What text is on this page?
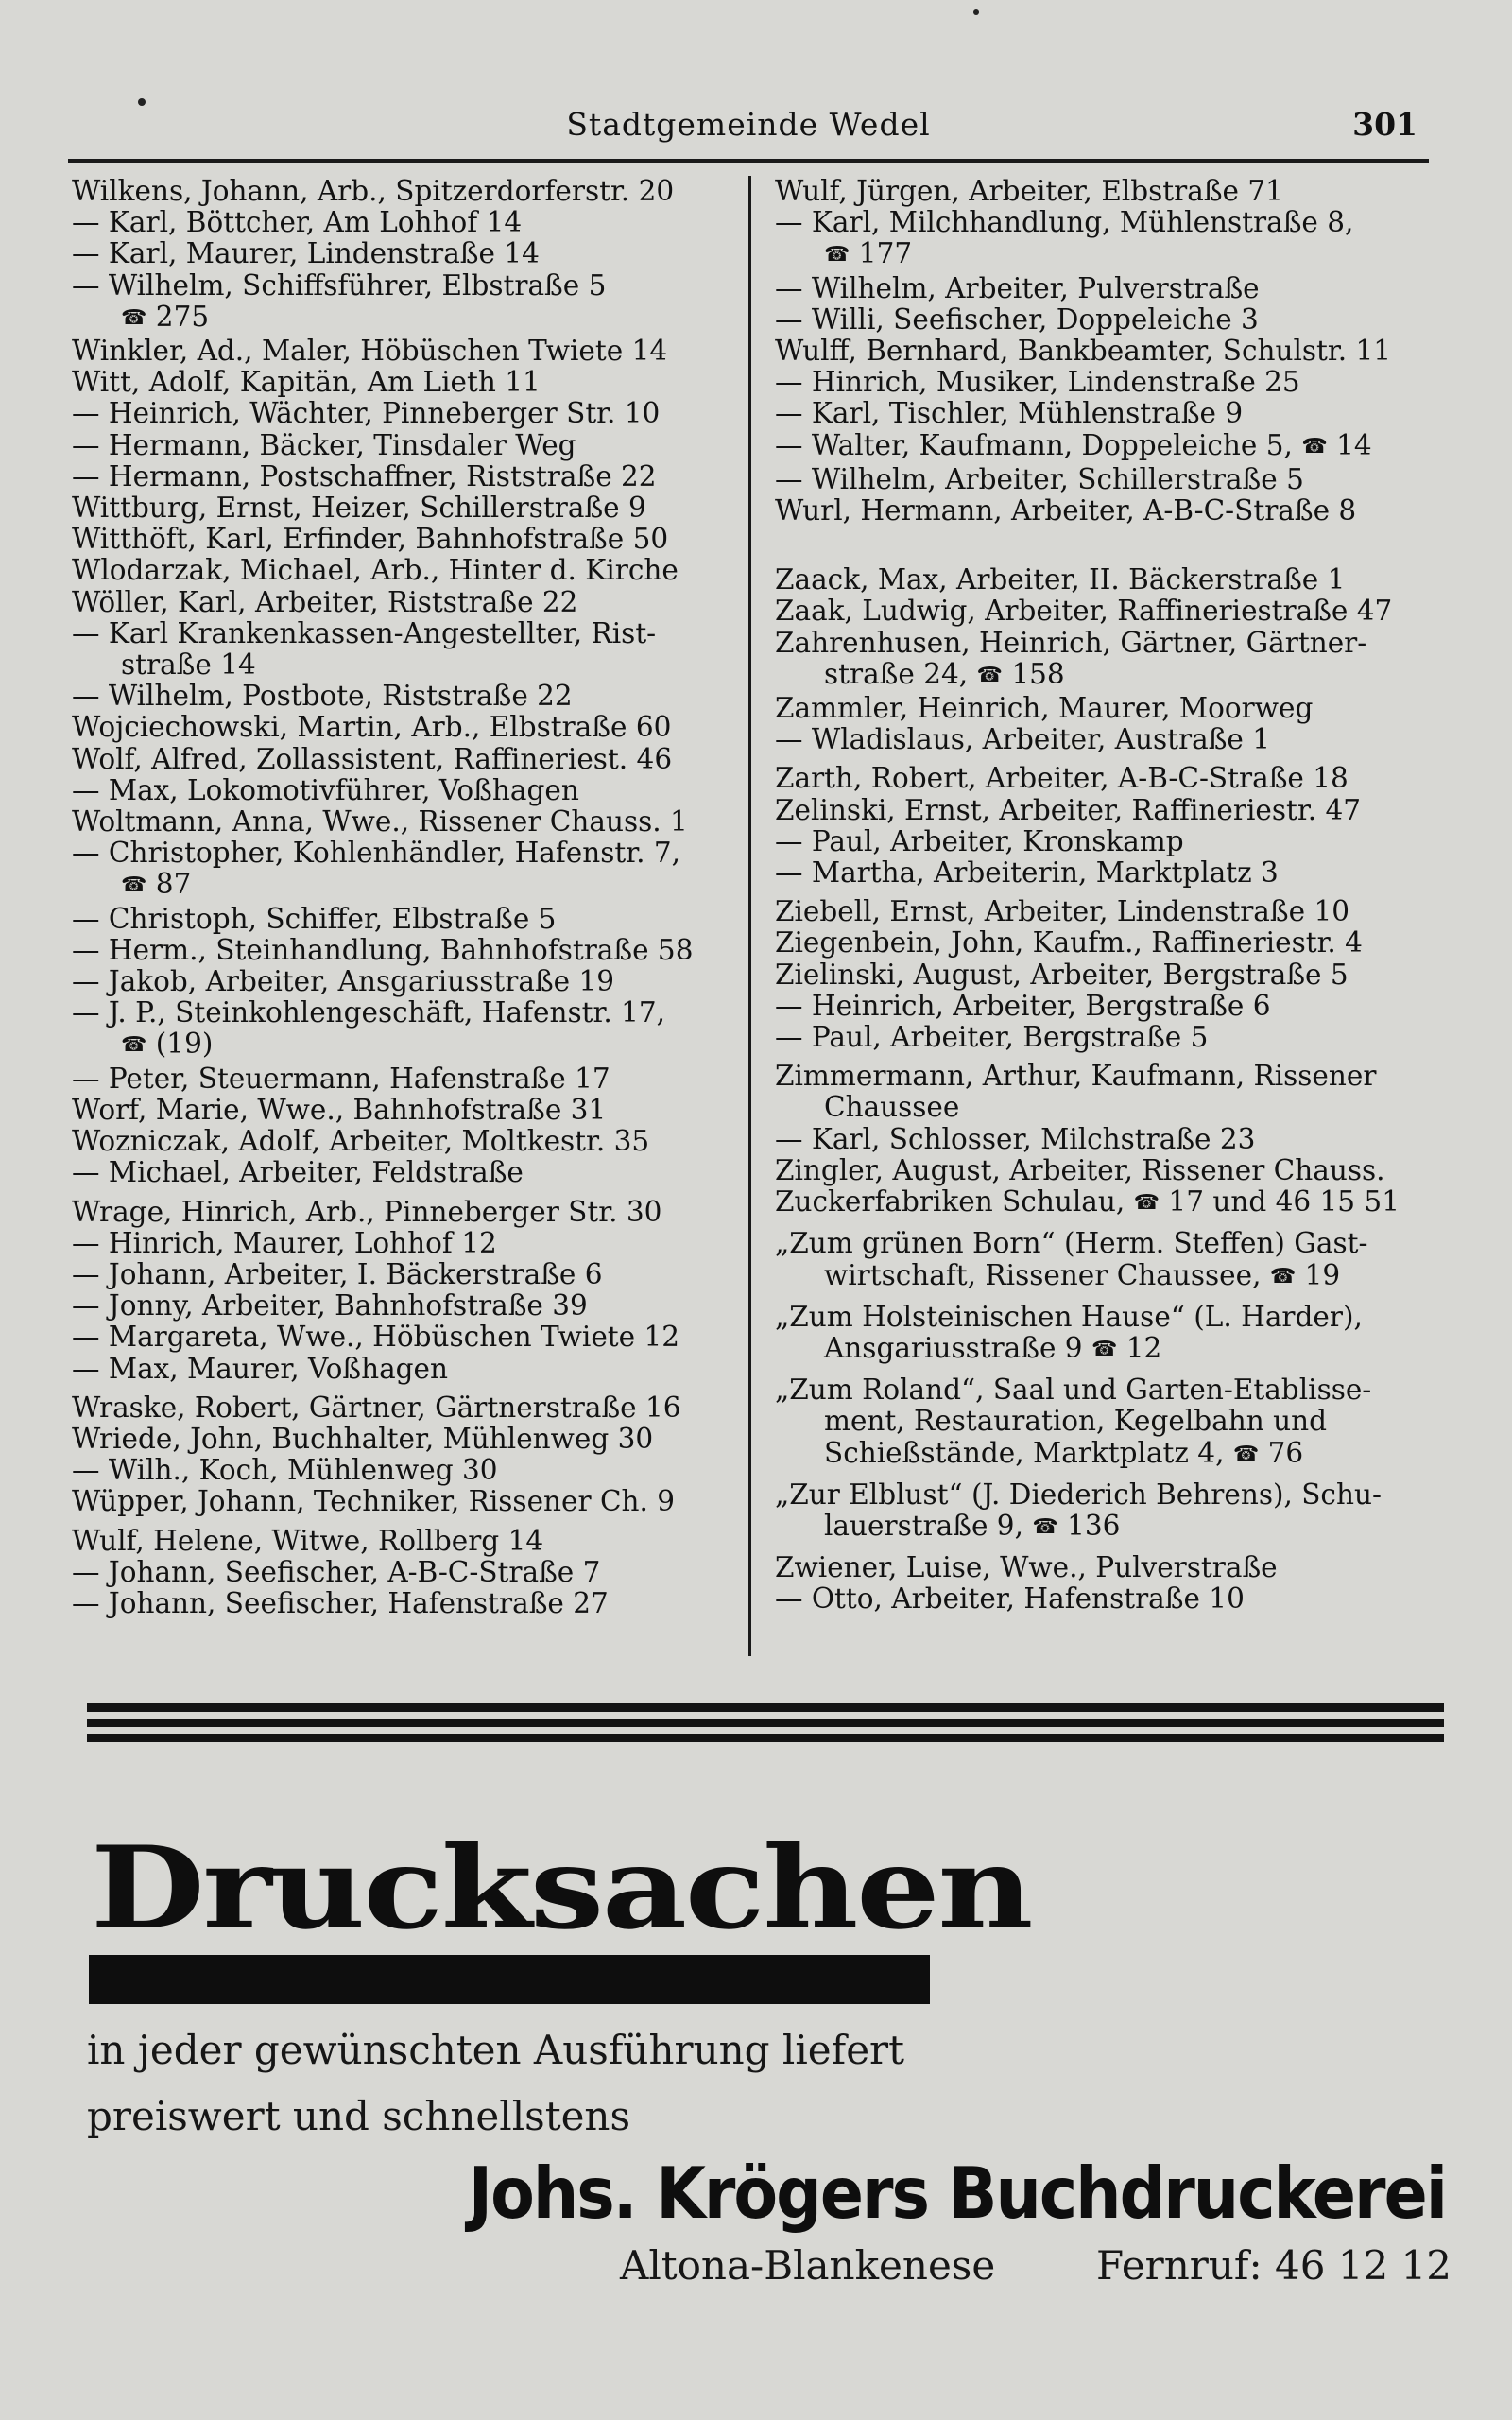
Stadtgemeinde Wedel	301
Wilkens, Johann, Arb., Spitzerdorferstr. 20
— Karl, Böttcher, Am Lohhof 14
— Karl, Maurer, Lindenstraße 14
— Wilhelm, Schiffsführer, Elbstraße 5
☎ 275
Winkler, Ad., Maler, Höbüschen Twiete 14
Witt, Adolf, Kapitän, Am Lieth 11
— Heinrich, Wächter, Pinneberger Str. 10
— Hermann, Bäcker, Tinsdaler Weg
— Hermann, Postschaffner, Riststraße 22
Wittburg, Ernst, Heizer, Schillerstraße 9
Witthöft, Karl, Erfinder, Bahnhofstraße 50
Wlodarzak, Michael, Arb., Hinter d. Kirche
Wöller, Karl, Arbeiter, Riststraße 22
— Karl Krankenkassen-Angestellter, Rist-
straße 14
— Wilhelm, Postbote, Riststraße 22
Wojciechowski, Martin, Arb., Elbstraße 60
Wolf, Alfred, Zollassistent, Raffineriest. 46
— Max, Lokomotivführer, Voßhagen
Woltmann, Anna, Wwe., Rissener Chauss. 1
— Christopher, Kohlenhändler, Hafenstr. 7,
☎ 87
— Christoph, Schiffer, Elbstraße 5
— Herm., Steinhandlung, Bahnhofstraße 58
— Jakob, Arbeiter, Ansgariusstraße 19
— J. P., Steinkohlengeschäft, Hafenstr. 17,
☎ (19)
— Peter, Steuermann, Hafenstraße 17
Worf, Marie, Wwe., Bahnhofstraße 31
Wozniczak, Adolf, Arbeiter, Moltkestr. 35
— Michael, Arbeiter, Feldstraße
Wrage, Hinrich, Arb., Pinneberger Str. 30
— Hinrich, Maurer, Lohhof 12
— Johann, Arbeiter, I. Bäckerstraße 6
— Jonny, Arbeiter, Bahnhofstraße 39
— Margareta, Wwe., Höbüschen Twiete 12
— Max, Maurer, Voßhagen
Wraske, Robert, Gärtner, Gärtnerstraße 16
Wriede, John, Buchhalter, Mühlenweg 30
— Wilh., Koch, Mühlenweg 30
Wüpper, Johann, Techniker, Rissener Ch. 9
Wulf, Helene, Witwe, Rollberg 14
— Johann, Seefischer, A-B-C-Straße 7
— Johann, Seefischer, Hafenstraße 27
Wulf, Jürgen, Arbeiter, Elbstraße 71
— Karl, Milchhandlung, Mühlenstraße 8,
☎ 177
— Wilhelm, Arbeiter, Pulverstraße
— Willi, Seefischer, Doppeleiche 3
Wulff, Bernhard, Bankbeamter, Schulstr. 11
— Hinrich, Musiker, Lindenstraße 25
— Karl, Tischler, Mühlenstraße 9
— Walter, Kaufmann, Doppeleiche 5, ☎ 14
— Wilhelm, Arbeiter, Schillerstraße 5
Wurl, Hermann, Arbeiter, A-B-C-Straße 8
Zaack, Max, Arbeiter, II. Bäckerstraße 1
Zaak, Ludwig, Arbeiter, Raffineriestraße 47
Zahrenhusen, Heinrich, Gärtner, Gärtner-
straße 24, ☎ 158
Zammler, Heinrich, Maurer, Moorweg
— Wladislaus, Arbeiter, Austraße 1
Zarth, Robert, Arbeiter, A-B-C-Straße 18
Zelinski, Ernst, Arbeiter, Raffineriestr. 47
— Paul, Arbeiter, Kronskamp
— Martha, Arbeiterin, Marktplatz 3
Ziebell, Ernst, Arbeiter, Lindenstraße 10
Ziegenbein, John, Kaufm., Raffineriestr. 4
Zielinski, August, Arbeiter, Bergstraße 5
— Heinrich, Arbeiter, Bergstraße 6
— Paul, Arbeiter, Bergstraße 5
Zimmermann, Arthur, Kaufmann, Rissener
Chaussee
— Karl, Schlosser, Milchstraße 23
Zingler, August, Arbeiter, Rissener Chauss.
Zuckerfabriken Schulau, ☎ 17 und 46 15 51
„Zum grünen Born“ (Herm. Steffen) Gast-
wirtschaft, Rissener Chaussee, ☎ 19
„Zum Holsteinischen Hause“ (L. Harder),
Ansgariusstraße 9 ☎ 12
„Zum Roland“, Saal und Garten-Etablisse-
ment, Restauration, Kegelbahn und
Schießstände, Marktplatz 4, ☎ 76
„Zur Elblust“ (J. Diederich Behrens), Schu-
lauerstraße 9, ☎ 136
Zwiener, Luise, Wwe., Pulverstraße
— Otto, Arbeiter, Hafenstraße 10
Drucksachen
in jeder gewünschten Ausführung liefert
preiswert und schnellstens
Johs. Krögers Buchdruckerei
Altona-Blankenese	Fernruf: 46 12 12
